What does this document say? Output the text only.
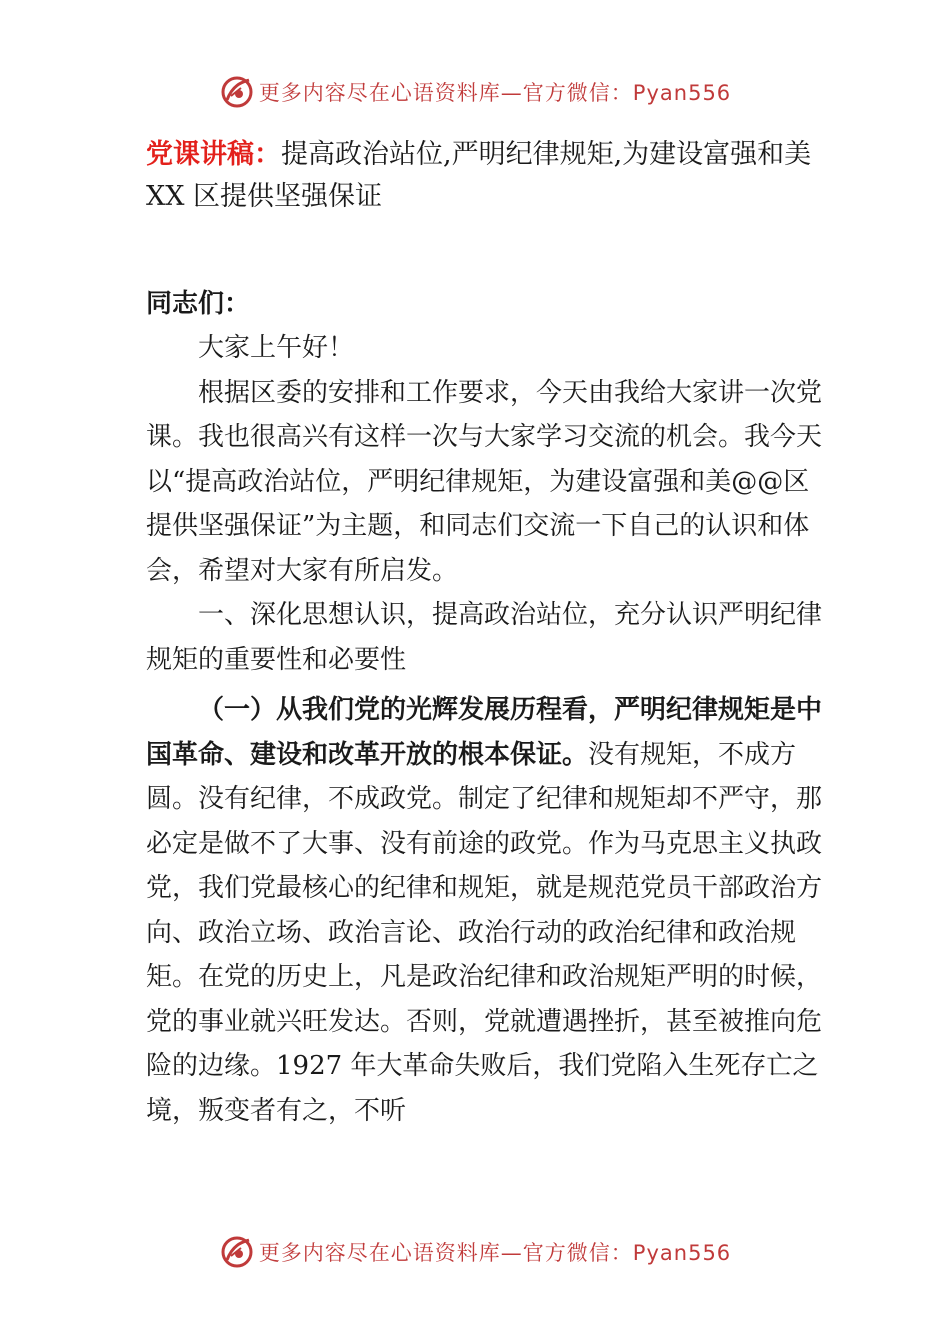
更多内容尽在心语资料库—官方微信：Pyan556

党课讲稿：提高政治站位,严明纪律规矩,为建设富强和美 XX 区提供坚强保证

同志们：

大家上午好！

根据区委的安排和工作要求，今天由我给大家讲一次党课。我也很高兴有这样一次与大家学习交流的机会。我今天以“提高政治站位，严明纪律规矩，为建设富强和美@@区提供坚强保证”为主题，和同志们交流一下自己的认识和体会，希望对大家有所启发。

一、深化思想认识，提高政治站位，充分认识严明纪律规矩的重要性和必要性

（一）从我们党的光辉发展历程看，严明纪律规矩是中国革命、建设和改革开放的根本保证。没有规矩，不成方圆。没有纪律，不成政党。制定了纪律和规矩却不严守，那必定是做不了大事、没有前途的政党。作为马克思主义执政党，我们党最核心的纪律和规矩，就是规范党员干部政治方向、政治立场、政治言论、政治行动的政治纪律和政治规矩。在党的历史上，凡是政治纪律和政治规矩严明的时候，党的事业就兴旺发达。否则，党就遭遇挫折，甚至被推向危险的边缘。1927 年大革命失败后，我们党陷入生死存亡之境，叛变者有之，不听

更多内容尽在心语资料库—官方微信：Pyan556
